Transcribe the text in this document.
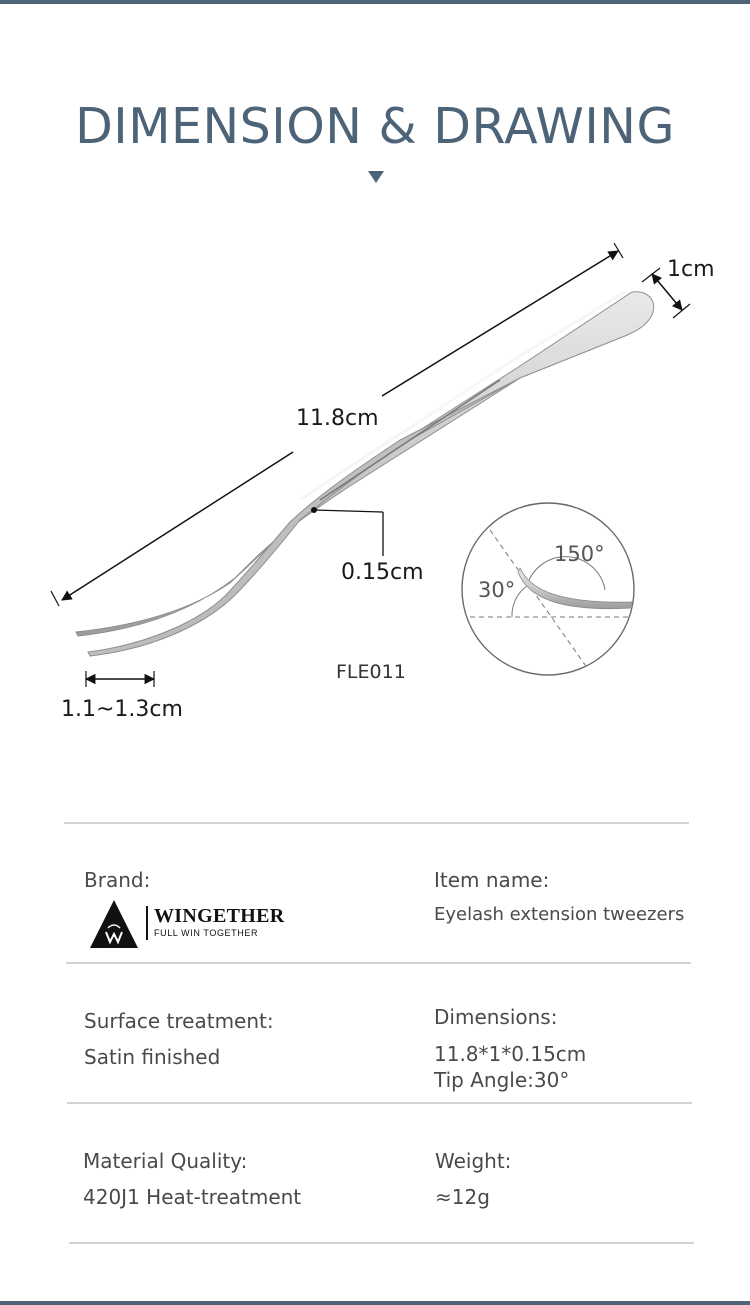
DIMENSION & DRAWING
11.8cm
1cm
0.15cm
1.1~1.3cm
FLE011
150°
30°
Brand:
WINGETHER
FULL WIN TOGETHER
Item name:
Eyelash extension tweezers
Surface treatment:
Satin finished
Dimensions:
11.8*1*0.15cm
Tip Angle:30°
Material Quality:
420J1 Heat-treatment
Weight:
≈12g
